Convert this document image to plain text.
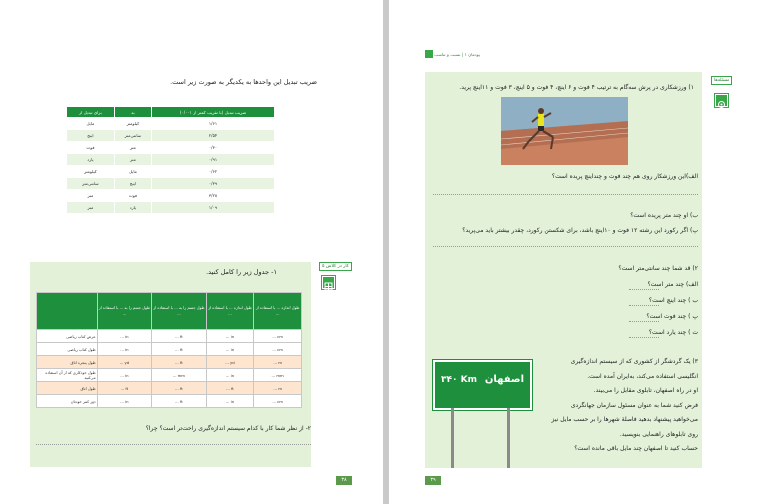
ضریب تبدیل این واحدها به یکدیگر به صورت زیر است.
برای تبدیل از	به	ضریب تبدیل (با تقریب کمتر از ۰/۰۰۱)
مایل	کیلومتر	۱/۶۱
اینچ	سانتی‌متر	۲/۵۴
فوت	متر	۰/۳۰
یارد	متر	۰/۹۱
کیلومتر	مایل	۰/۶۲
سانتی‌متر	اینچ	۰/۳۹
متر	فوت	۳/۲۸
متر	یارد	۱/۰۹
کار در کلاس ۵
۱- جدول زیر را کامل کنید.
	طول جسم را به ... با استفاده از ...	طول جسم را به ... با استفاده از ...	طول اندازه ... با استفاده از ...	طول اندازه ... با استفاده از ...
عرض کتاب ریاضی	... in	... ft	... in	... cm
طول کتاب ریاضی	... in	... ft	... in	... cm
طول پنجره اتاق	... yd	... ft	... yd	... m
طول خودکاری که از آن استفاده می‌کنید	... in	... mm	... in	... mm
طول اتاق	... ft	... ft	... ft	... m
دور کمر خودتان	... in	... ft	... in	... cm
۲- از نظر شما کار با کدام سیستم اندازه‌گیری راحت‌تر است؟ چرا؟
۳۸
پودمان ۱ | نسبت و تناسب
مسئله‌ها
۱) ورزشکاری در پرش سه‌گام به ترتیب ۴ فوت و ۶ اینچ، ۴ فوت و ۵ اینچ، ۳ فوت و ۱۱اینچ پرید.
الف)این ورزشکار روی هم چند فوت و چنداینچ پریده است؟
ب) او چند متر پریده است؟
پ) اگر رکورد این رشته ۱۲ فوت و ۱۰اینچ باشد، برای شکستن رکورد، چقدر بیشتر باید می‌پرید؟
۲) قد شما چند سانتی‌متر است؟
الف) چند متر است؟
ب ) چند اینچ است؟
پ ) چند فوت است؟
ت ) چند یارد است؟
۳۴۰ Km اصفهان
۳۹
۳) یک گردشگر از کشوری که از سیستم اندازه‌گیری
انگلیسی استفاده می‌کند، به‌ایران آمده است.
او در راه اصفهان، تابلوی مقابل را می‌بیند.
فرض کنید شما به عنوان مسئول سازمان جهانگردی
می‌خواهید پیشنهاد بدهید فاصلهٔ شهرها را بر حسب مایل نیز
روی تابلوهای راهنمایی بنویسید.
حساب کنید تا اصفهان چند مایل باقی مانده است؟
